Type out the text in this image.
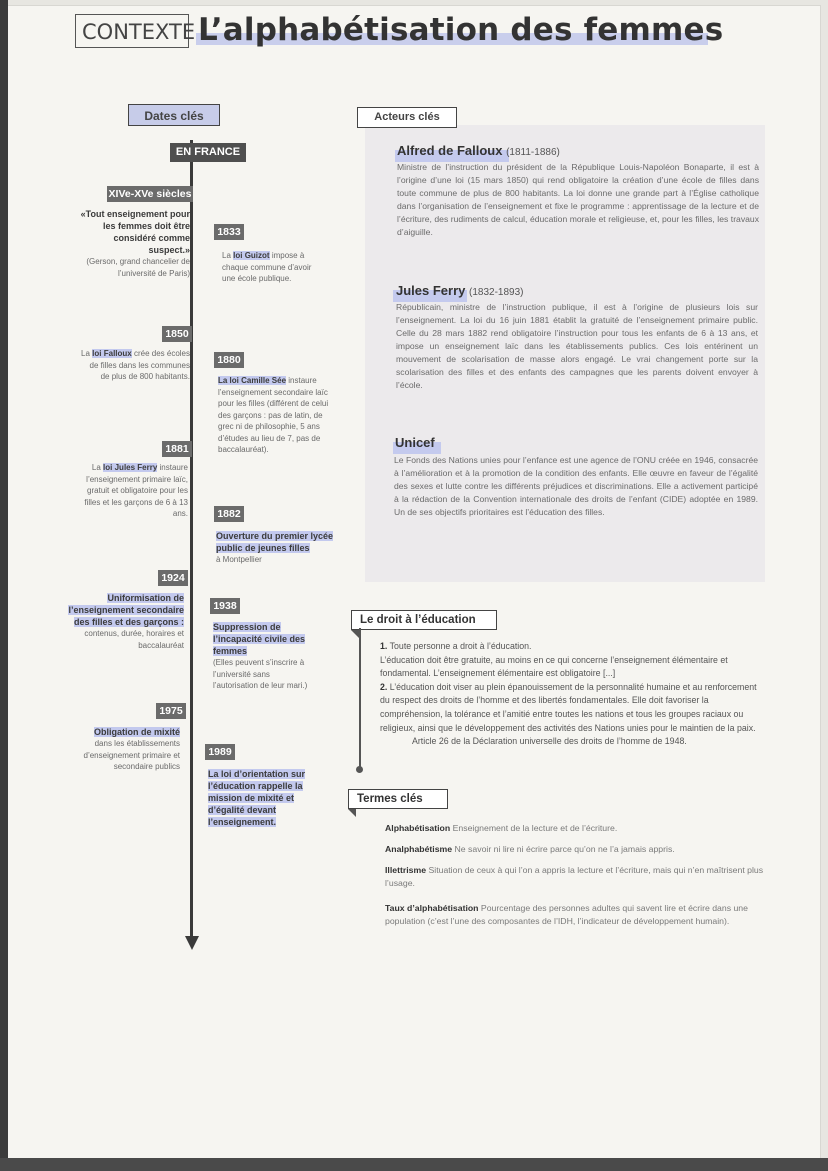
CONTEXTE L’alphabétisation des femmes
Dates clés
EN FRANCE
XIVe-XVe siècles
«Tout enseignement pour les femmes doit être considéré comme suspect.»
(Gerson, grand chancelier de l’université de Paris)
1833
La loi Guizot impose à chaque commune d’avoir une école publique.
1850
La loi Falloux crée des écoles de filles dans les communes de plus de 800 habitants.
1880
La loi Camille Sée instaure l’enseignement secondaire laïc pour les filles (différent de celui des garçons : pas de latin, de grec ni de philosophie, 5 ans d’études au lieu de 7, pas de baccalauréat).
1881
La loi Jules Ferry instaure l’enseignement primaire laïc, gratuit et obligatoire pour les filles et les garçons de 6 à 13 ans.	1882
Ouverture du premier lycée public de jeunes filles
à Montpellier
1924
Uniformisation de l’enseignement secondaire des filles et des garçons :
contenus, durée, horaires et baccalauréat
1938
Suppression de l’incapacité civile des femmes
(Elles peuvent s’inscrire à l’université sans l’autorisation de leur mari.)
1975
Obligation de mixité
dans les établissements d’enseignement primaire et secondaire publics
1989
La loi d’orientation sur l’éducation rappelle la mission de mixité et d’égalité devant l’enseignement.
Acteurs clés
Alfred de Falloux (1811-1886)
Ministre de l’instruction du président de la République Louis-Napoléon Bonaparte, il est à l’origine d’une loi (15 mars 1850) qui rend obligatoire la création d’une école de filles dans toute commune de plus de 800 habitants. La loi donne une grande part à l’Église catholique dans l’organisation de l’enseignement et fixe le programme : apprentissage de la lecture et de l’écriture, des rudiments de calcul, éducation morale et religieuse, et, pour les filles, les travaux d’aiguille.
Jules Ferry (1832-1893)
Républicain, ministre de l’instruction publique, il est à l’origine de plusieurs lois sur l’enseignement. La loi du 16 juin 1881 établit la gratuité de l’enseignement primaire public. Celle du 28 mars 1882 rend obligatoire l’instruction pour tous les enfants de 6 à 13 ans, et impose un enseignement laïc dans les établissements publics. Ces lois entérinent un mouvement de scolarisation de masse alors engagé. Le vrai changement porte sur la scolarisation des filles et des enfants des campagnes que les parents doivent envoyer à l’école.
Unicef
Le Fonds des Nations unies pour l’enfance est une agence de l’ONU créée en 1946, consacrée à l’amélioration et à la promotion de la condition des enfants. Elle œuvre en faveur de l’égalité des sexes et lutte contre les différents préjudices et discriminations. Elle a activement participé à la rédaction de la Convention internationale des droits de l’enfant (CIDE) adoptée en 1989. Un de ses objectifs prioritaires est l’éducation des filles.
Le droit à l’éducation
1. Toute personne a droit à l’éducation.
L’éducation doit être gratuite, au moins en ce qui concerne l’enseignement élémentaire et fondamental. L’enseignement élémentaire est obligatoire [...]
2. L’éducation doit viser au plein épanouissement de la personnalité humaine et au renforcement du respect des droits de l’homme et des libertés fondamentales. Elle doit favoriser la compréhension, la tolérance et l’amitié entre toutes les nations et tous les groupes raciaux ou religieux, ainsi que le développement des activités des Nations unies pour le maintien de la paix.
Article 26 de la Déclaration universelle des droits de l’homme de 1948.
Termes clés
Alphabétisation Enseignement de la lecture et de l’écriture.
Analphabétisme Ne savoir ni lire ni écrire parce qu’on ne l’a jamais appris.
Illettrisme Situation de ceux à qui l’on a appris la lecture et l’écriture, mais qui n’en maîtrisent plus l’usage.
Taux d’alphabétisation Pourcentage des personnes adultes qui savent lire et écrire dans une population (c’est l’une des composantes de l’IDH, l’indicateur de développement humain).
